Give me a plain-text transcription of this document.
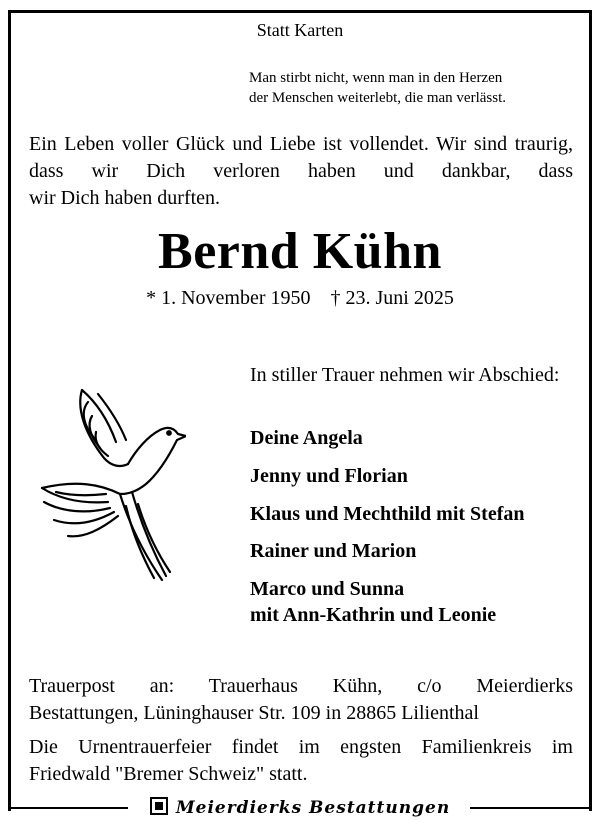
Statt Karten

Man stirbt nicht, wenn man in den Herzen
der Menschen weiterlebt, die man verlässt.

Ein Leben voller Glück und Liebe ist vollendet. Wir sind traurig, dass wir Dich verloren haben und dankbar, dass
wir Dich haben durften.

Bernd Kühn

* 1. November 1950    † 23. Juni 2025

In stiller Trauer nehmen wir Abschied:

Deine Angela

Jenny und Florian

Klaus und Mechthild mit Stefan

Rainer und Marion

Marco und Sunna

mit Ann-Kathrin und Leonie

Trauerpost an: Trauerhaus Kühn, c/o Meierdierks
Bestattungen, Lüninghauser Str. 109 in 28865 Lilienthal

Die Urnentrauerfeier findet im engsten Familienkreis im
Friedwald "Bremer Schweiz" statt.

Meierdierks Bestattungen
